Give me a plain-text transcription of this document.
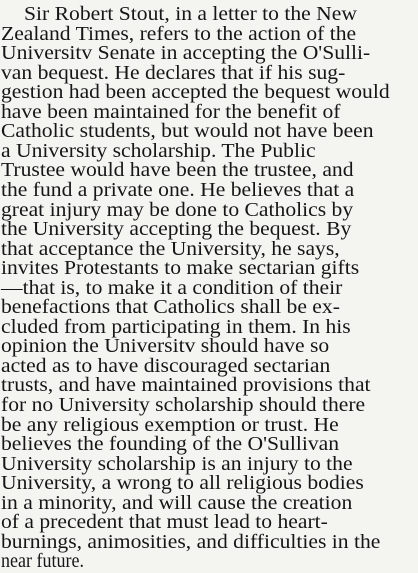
Sir Robert Stout, in a letter to the New
Zealand Times, refers to the action of the
Universitv Senate in accepting the O'Sulli-
van bequest. He declares that if his sug-
gestion had been accepted the bequest would
have been maintained for the benefit of
Catholic students, but would not have been
a University scholarship. The Public
Trustee would have been the trustee, and
the fund a private one. He believes that a
great injury may be done to Catholics by
the University accepting the bequest. By
that acceptance the University, he says,
invites Protestants to make sectarian gifts
—that is, to make it a condition of their
benefactions that Catholics shall be ex-
cluded from participating in them. In his
opinion the Universitv should have so
acted as to have discouraged sectarian
trusts, and have maintained provisions that
for no University scholarship should there
be any religious exemption or trust. He
believes the founding of the O'Sullivan
University scholarship is an injury to the
University, a wrong to all religious bodies
in a minority, and will cause the creation
of a precedent that must lead to heart-
burnings, animosities, and difficulties in the
near future.
